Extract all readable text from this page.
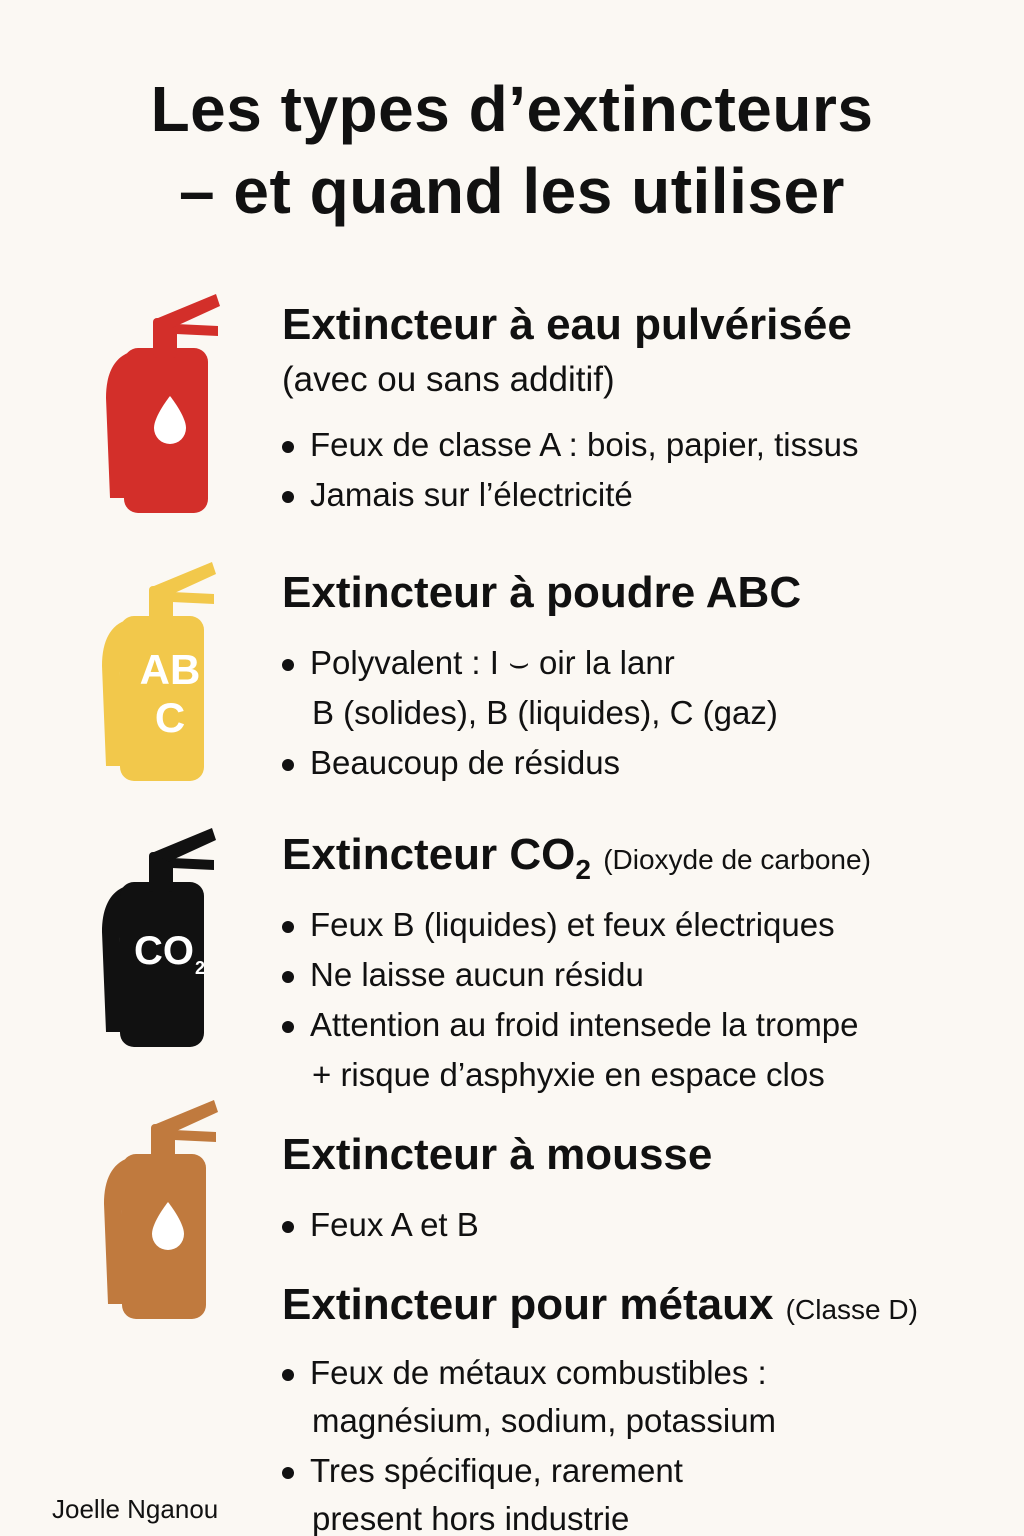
Les types d’extincteurs
– et quand les utiliser
Extincteur à eau pulvérisée
(avec ou sans additif)
Feux de classe A : bois, papier, tissus
Jamais sur l’électricité
AB
C
Extincteur à poudre ABC
Polyvalent : I ⌣ oir la lanr
B (solides), B (liquides), C (gaz)
Beaucoup de résidus
CO 2
Extincteur $CO_2$ (Dioxyde de carbone)
Feux B (liquides) et feux électriques
Ne laisse aucun résidu
Attention au froid intensede la trompe
+ risque d’asphyxie en espace clos
Extincteur à mousse
Feux A et B
Extincteur pour métaux (Classe D)
Feux de métaux combustibles :
magnésium, sodium, potassium
Tres spécifique, rarement
present hors industrie
Joelle Nganou
